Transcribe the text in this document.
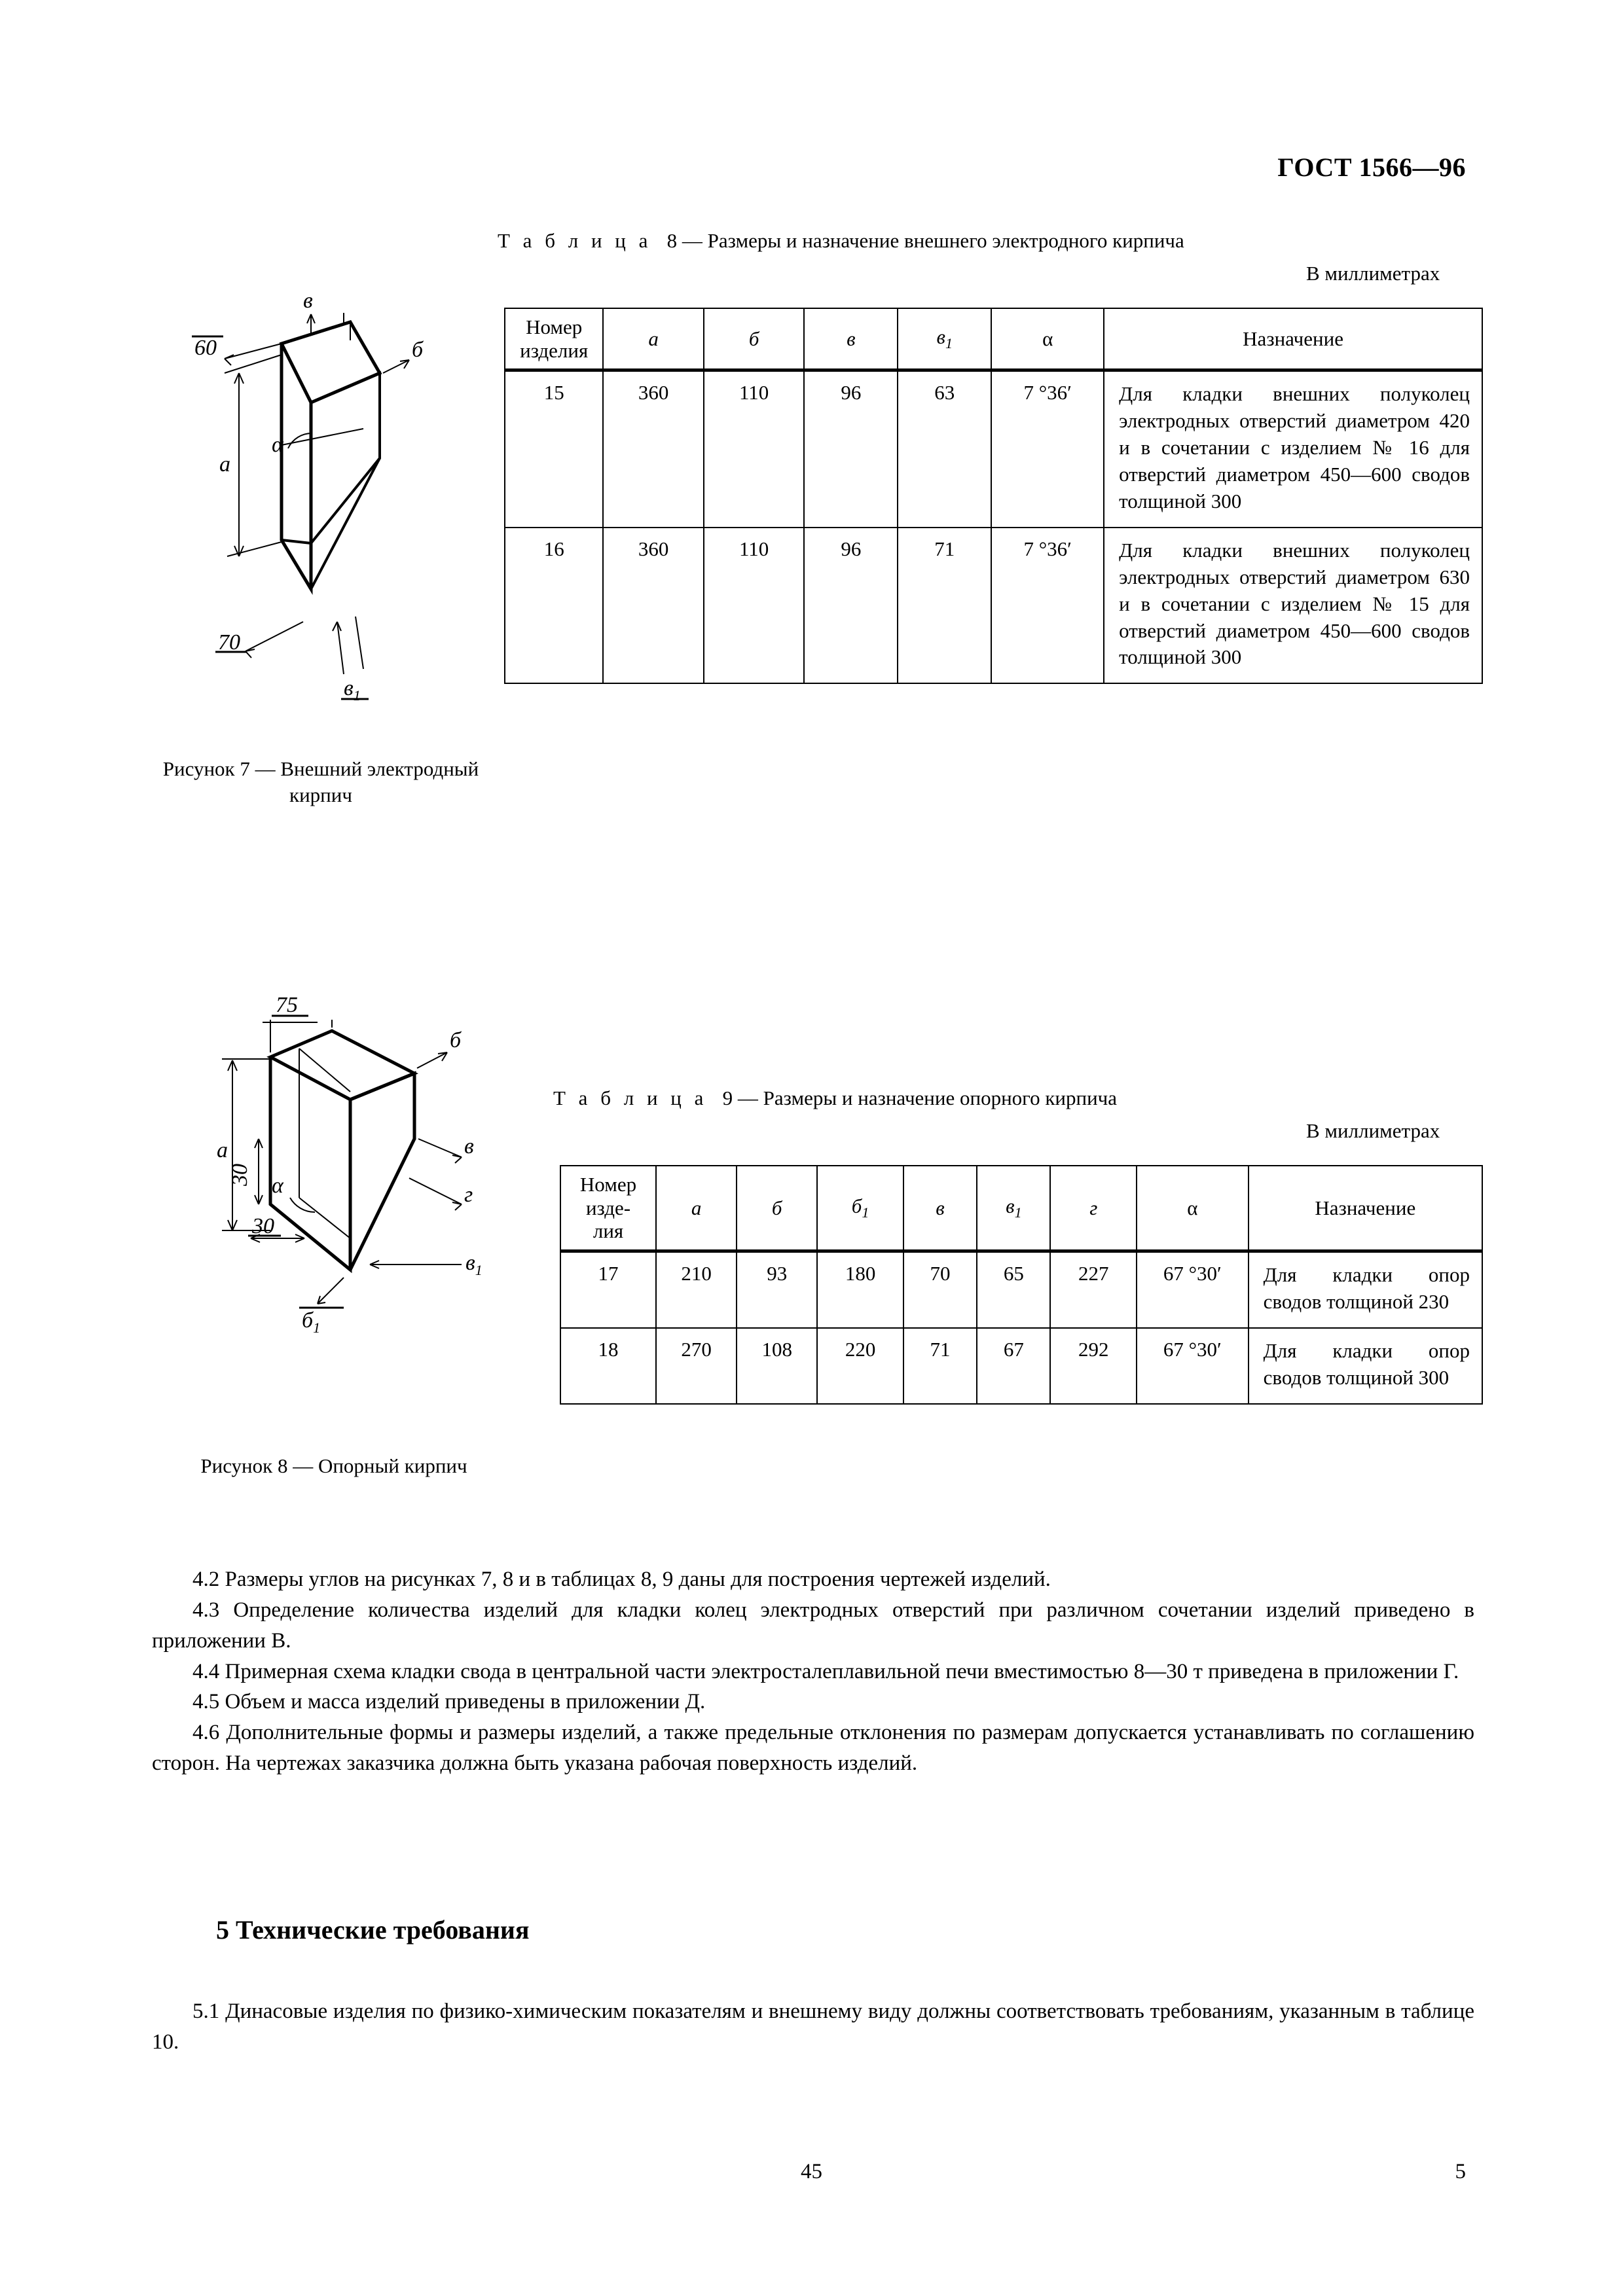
ГОСТ 1566—96
Т а б л и ц а 8 — Размеры и назначение внешнего электродного кирпича
В миллиметрах
Номер
изделия	а	б	в	$в_1$	α	Назначение
15	360	110	96	63	7 °36′	Для кладки внешних полуколец электродных отверстий диаметром 420 и в сочетании с изделием № 16 для отверстий диаметром 450—600 сводов толщиной 300
16	360	110	96	71	7 °36′	Для кладки внешних полуколец электродных отверстий диаметром 630 и в сочетании с изделием № 15 для отверстий диаметром 450—600 сводов толщиной 300
60
в
б
а
α
70
$в_1$
Рисунок 7 — Внешний электродный кирпич
Т а б л и ц а 9 — Размеры и назначение опорного кирпича
В миллиметрах
Номер
изде-
лия	а	б	$б_1$	в	$в_1$	г	α	Назначение
17	210	93	180	70	65	227	67 °30′	Для кладки опор сводов толщиной 230
18	270	108	220	71	67	292	67 °30′	Для кладки опор сводов толщиной 300
75
б
а
30 α
в
г
30
$в_1$
$б_1$
Рисунок 8 — Опорный кирпич

4.2 Размеры углов на рисунках 7, 8 и в таблицах 8, 9 даны для построения чертежей изделий.

4.3 Определение количества изделий для кладки колец электродных отверстий при различном сочетании изделий приведено в приложении В.

4.4 Примерная схема кладки свода в центральной части электросталеплавильной печи вместимостью 8—30 т приведена в приложении Г.

4.5 Объем и масса изделий приведены в приложении Д.

4.6 Дополнительные формы и размеры изделий, а также предельные отклонения по размерам допускается устанавливать по соглашению сторон. На чертежах заказчика должна быть указана рабочая поверхность изделий.

5 Технические требования

5.1 Динасовые изделия по физико-химическим показателям и внешнему виду должны соответствовать требованиям, указанным в таблице 10.

45	5
